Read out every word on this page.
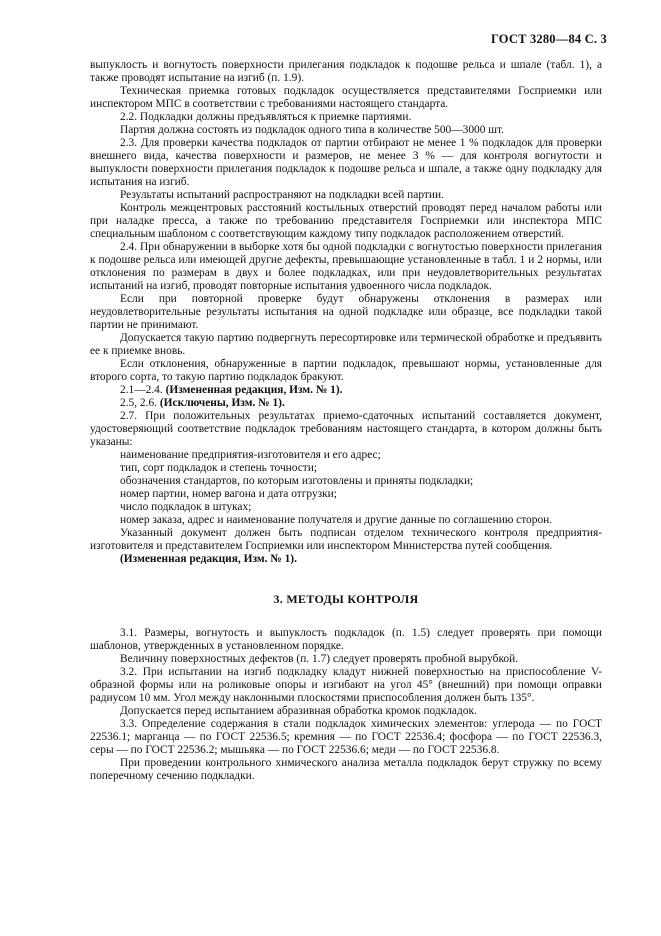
ГОСТ 3280—84 С. 3

выпуклость и вогнутость поверхности прилегания подкладок к подошве рельса и шпале (табл. 1), а также проводят испытание на изгиб (п. 1.9).

Техническая приемка готовых подкладок осуществляется представителями Госприемки или инспектором МПС в соответствии с требованиями настоящего стандарта.

2.2. Подкладки должны предъявляться к приемке партиями.

Партия должна состоять из подкладок одного типа в количестве 500—3000 шт.

2.3. Для проверки качества подкладок от партии отбирают не менее 1 % подкладок для проверки внешнего вида, качества поверхности и размеров, не менее 3 % — для контроля вогнутости и выпуклости поверхности прилегания подкладок к подошве рельса и шпале, а также одну подкладку для испытания на изгиб.

Результаты испытаний распространяют на подкладки всей партии.

Контроль межцентровых расстояний костыльных отверстий проводят перед началом работы или при наладке пресса, а также по требованию представителя Госприемки или инспектора МПС специальным шаблоном с соответствующим каждому типу подкладок расположением отверстий.

2.4. При обнаружении в выборке хотя бы одной подкладки с вогнутостью поверхности прилегания к подошве рельса или имеющей другие дефекты, превышающие установленные в табл. 1 и 2 нормы, или отклонения по размерам в двух и более подкладках, или при неудовлетворительных результатах испытаний на изгиб, проводят повторные испытания удвоенного числа подкладок.

Если при повторной проверке будут обнаружены отклонения в размерах или неудовлетворительные результаты испытания на одной подкладке или образце, все подкладки такой партии не принимают.

Допускается такую партию подвергнуть пересортировке или термической обработке и предъявить ее к приемке вновь.

Если отклонения, обнаруженные в партии подкладок, превышают нормы, установленные для второго сорта, то такую партию подкладок бракуют.

2.1—2.4. (Измененная редакция, Изм. № 1).

2.5, 2.6. (Исключены, Изм. № 1).

2.7. При положительных результатах приемо-сдаточных испытаний составляется документ, удостоверяющий соответствие подкладок требованиям настоящего стандарта, в котором должны быть указаны:

наименование предприятия-изготовителя и его адрес;

тип, сорт подкладок и степень точности;

обозначения стандартов, по которым изготовлены и приняты подкладки;

номер партии, номер вагона и дата отгрузки;

число подкладок в штуках;

номер заказа, адрес и наименование получателя и другие данные по соглашению сторон.

Указанный документ должен быть подписан отделом технического контроля предприятия-изготовителя и представителем Госприемки или инспектором Министерства путей сообщения.

(Измененная редакция, Изм. № 1).

3. МЕТОДЫ КОНТРОЛЯ

3.1. Размеры, вогнутость и выпуклость подкладок (п. 1.5) следует проверять при помощи шаблонов, утвержденных в установленном порядке.

Величину поверхностных дефектов (п. 1.7) следует проверять пробной вырубкой.

3.2. При испытании на изгиб подкладку кладут нижней поверхностью на приспособление V-образной формы или на роликовые опоры и изгибают на угол 45° (внешний) при помощи оправки радиусом 10 мм. Угол между наклонными плоскостями приспособления должен быть 135°.

Допускается перед испытанием абразивная обработка кромок подкладок.

3.3. Определение содержания в стали подкладок химических элементов: углерода — по ГОСТ 22536.1; марганца — по ГОСТ 22536.5; кремния — по ГОСТ 22536.4; фосфора — по ГОСТ 22536.3, серы — по ГОСТ 22536.2; мышьяка — по ГОСТ 22536.6; меди — по ГОСТ 22536.8.

При проведении контрольного химического анализа металла подкладок берут стружку по всему поперечному сечению подкладки.
